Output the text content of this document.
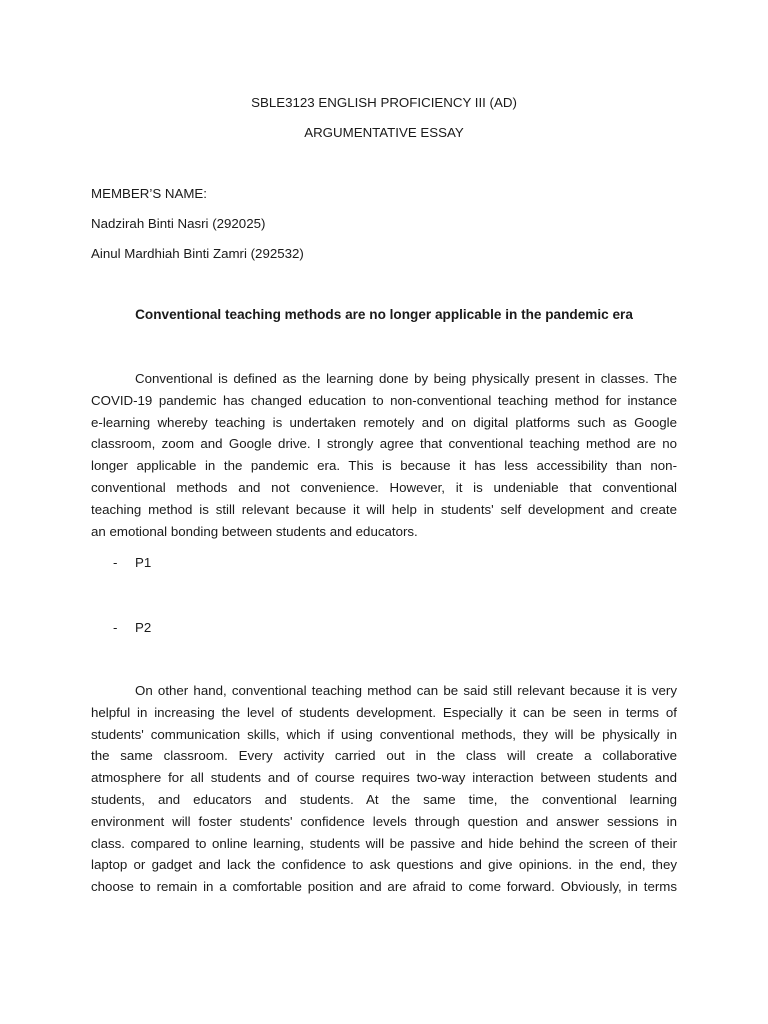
SBLE3123 ENGLISH PROFICIENCY III (AD)
ARGUMENTATIVE ESSAY
MEMBER’S NAME:
Nadzirah Binti Nasri (292025)
Ainul Mardhiah Binti Zamri (292532)
Conventional teaching methods are no longer applicable in the pandemic era
Conventional is defined as the learning done by being physically present in classes. The
COVID-19 pandemic has changed education to non-conventional teaching method for instance
e-learning whereby teaching is undertaken remotely and on digital platforms such as Google
classroom, zoom and Google drive. I strongly agree that conventional teaching method are no
longer applicable in the pandemic era. This is because it has less accessibility than non-
conventional methods and not convenience. However, it is undeniable that conventional
teaching method is still relevant because it will help in students' self development and create
an emotional bonding between students and educators.
- P1
- P2
On other hand, conventional teaching method can be said still relevant because it is very
helpful in increasing the level of students development. Especially it can be seen in terms of
students' communication skills, which if using conventional methods, they will be physically in
the same classroom. Every activity carried out in the class will create a collaborative
atmosphere for all students and of course requires two-way interaction between students and
students, and educators and students. At the same time, the conventional learning
environment will foster students' confidence levels through question and answer sessions in
class. compared to online learning, students will be passive and hide behind the screen of their
laptop or gadget and lack the confidence to ask questions and give opinions. in the end, they
choose to remain in a comfortable position and are afraid to come forward. Obviously, in terms
